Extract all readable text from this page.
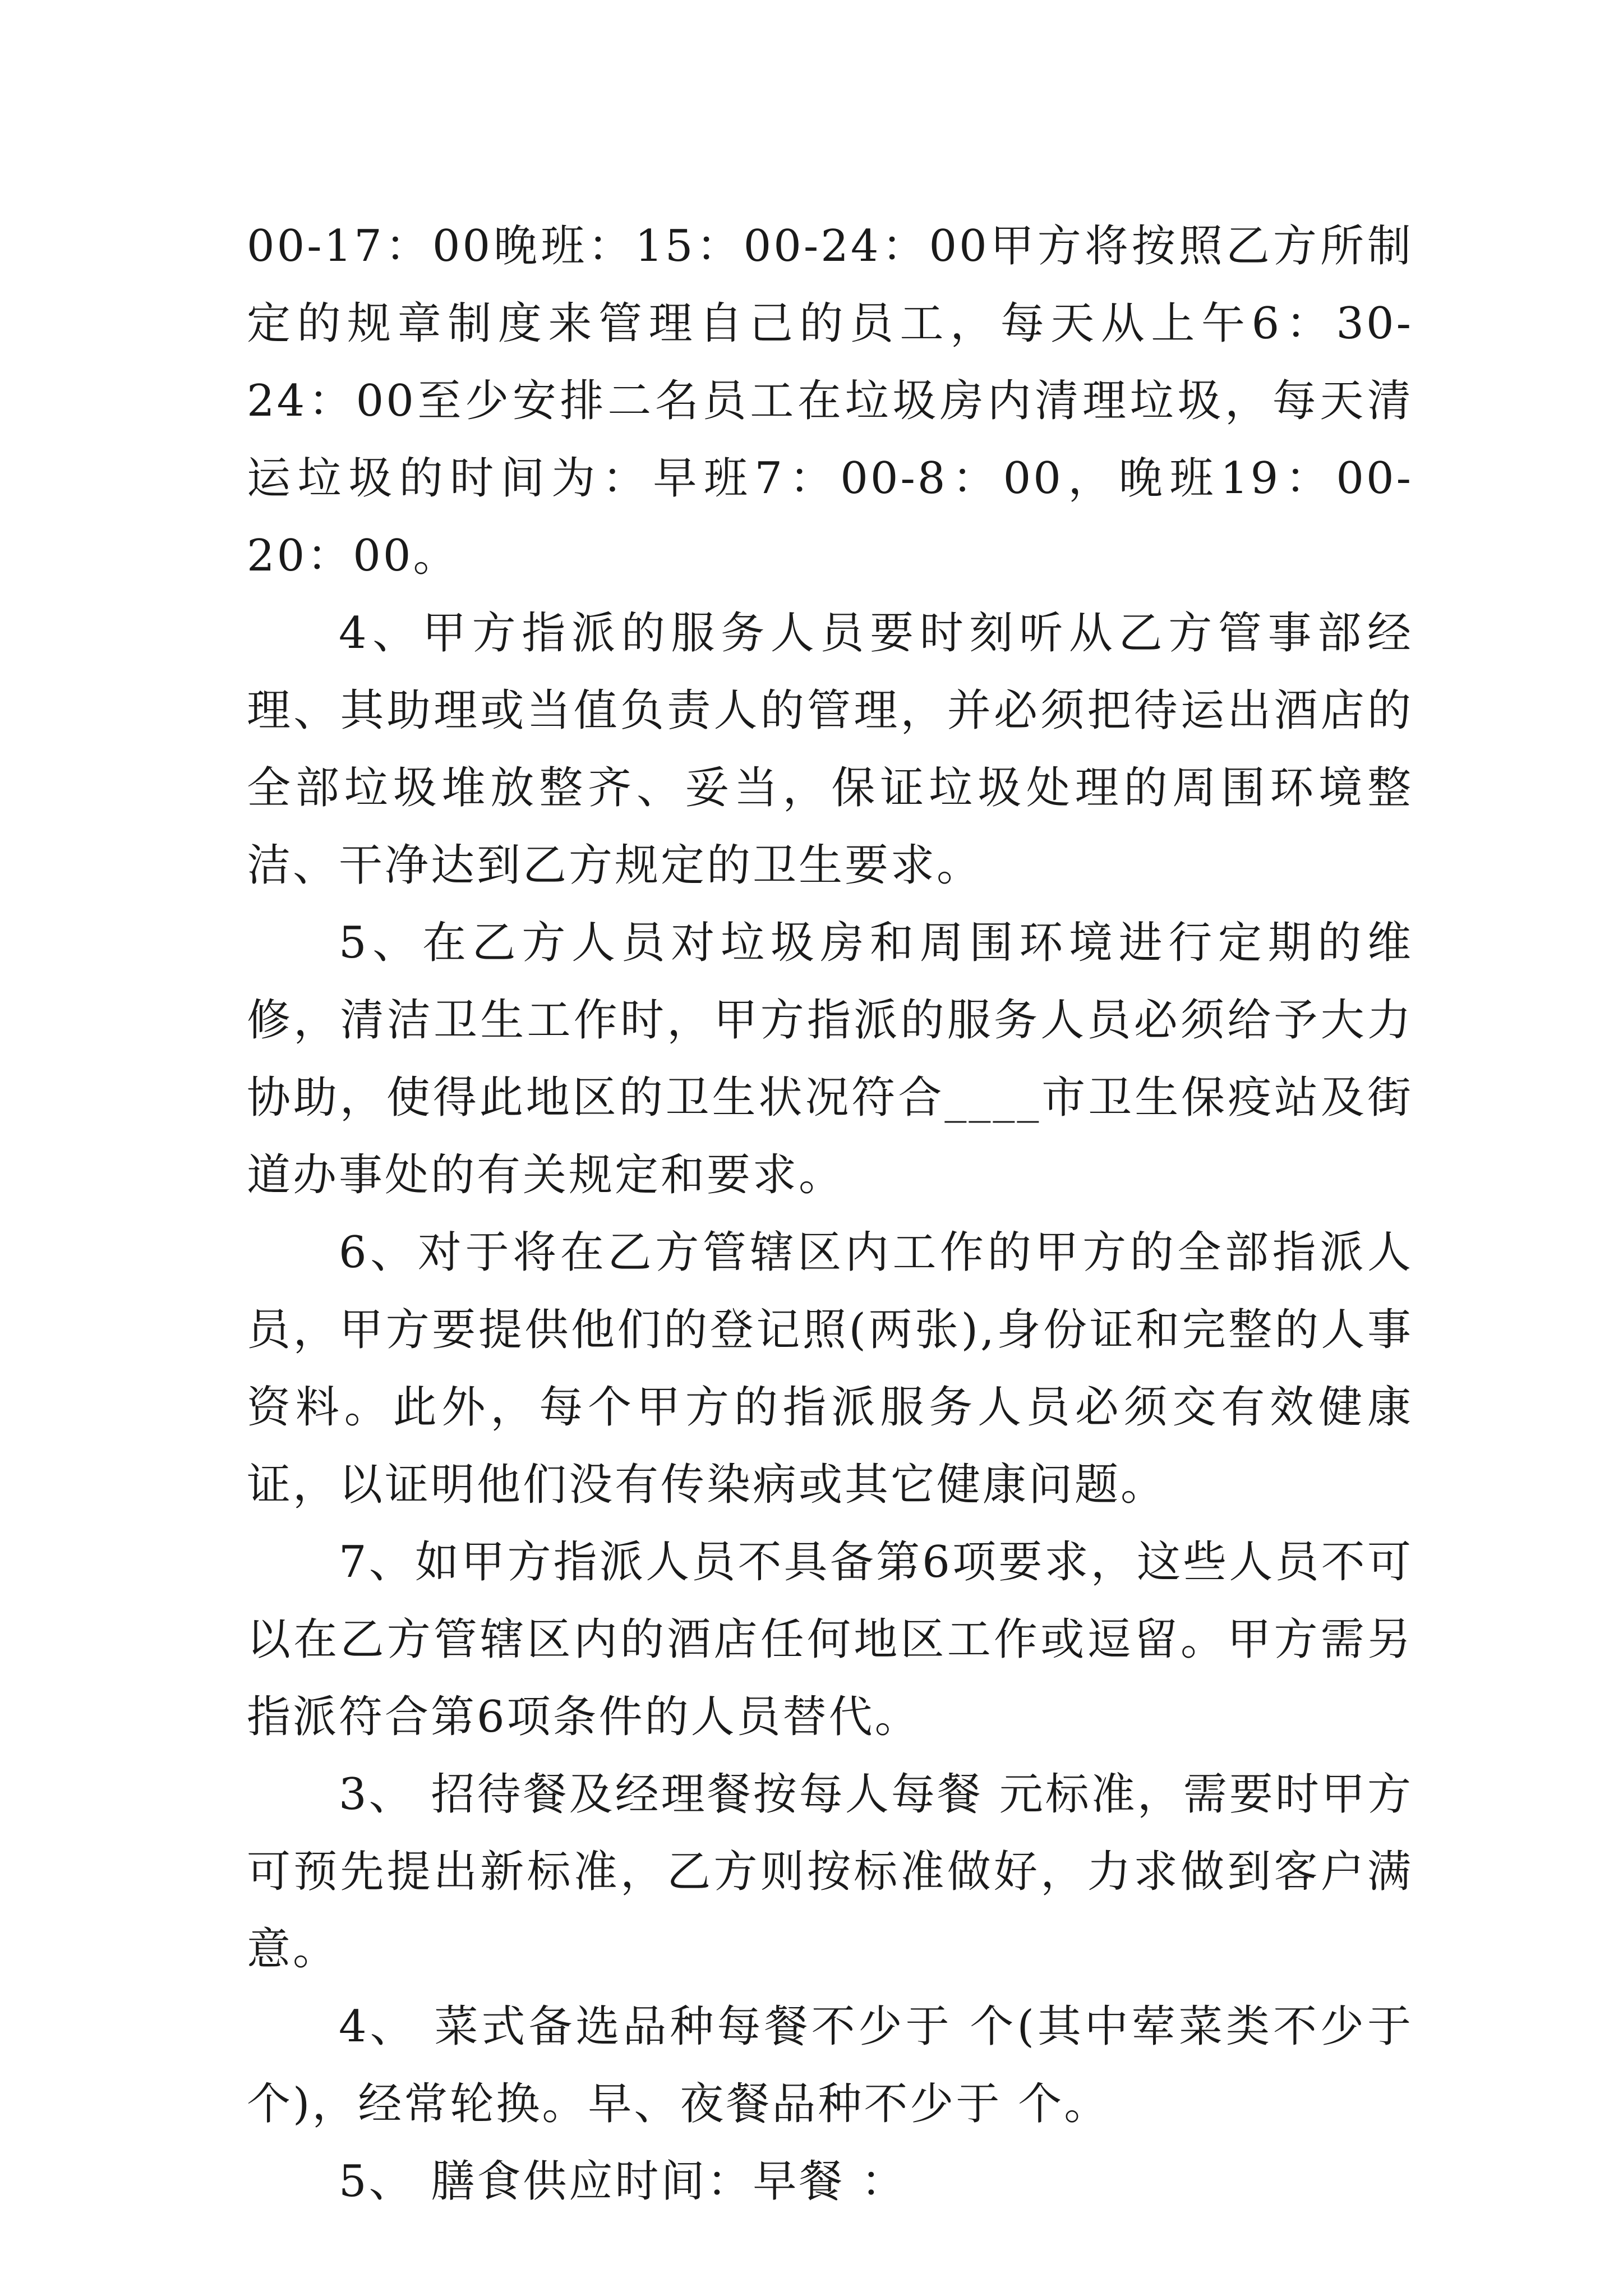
00-17：00晚班：15：00-24：00甲方将按照乙方所制定的规章制度来管理自己的员工，每天从上午6：30-24：00至少安排二名员工在垃圾房内清理垃圾，每天清运垃圾的时间为：早班7：00-8：00，晚班19：00-20：00。

4、甲方指派的服务人员要时刻听从乙方管事部经理、其助理或当值负责人的管理，并必须把待运出酒店的全部垃圾堆放整齐、妥当，保证垃圾处理的周围环境整洁、干净达到乙方规定的卫生要求。

5、在乙方人员对垃圾房和周围环境进行定期的维修，清洁卫生工作时，甲方指派的服务人员必须给予大力协助，使得此地区的卫生状况符合____市卫生保疫站及街道办事处的有关规定和要求。

6、对于将在乙方管辖区内工作的甲方的全部指派人员，甲方要提供他们的登记照(两张),身份证和完整的人事资料。此外，每个甲方的指派服务人员必须交有效健康证，以证明他们没有传染病或其它健康问题。

7、如甲方指派人员不具备第6项要求，这些人员不可以在乙方管辖区内的酒店任何地区工作或逗留。甲方需另指派符合第6项条件的人员替代。

3、 招待餐及经理餐按每人每餐 元标准，需要时甲方可预先提出新标准，乙方则按标准做好，力求做到客户满意。

4、 菜式备选品种每餐不少于 个(其中荤菜类不少于 个)，经常轮换。早、夜餐品种不少于 个。

5、 膳食供应时间：早餐 ：
